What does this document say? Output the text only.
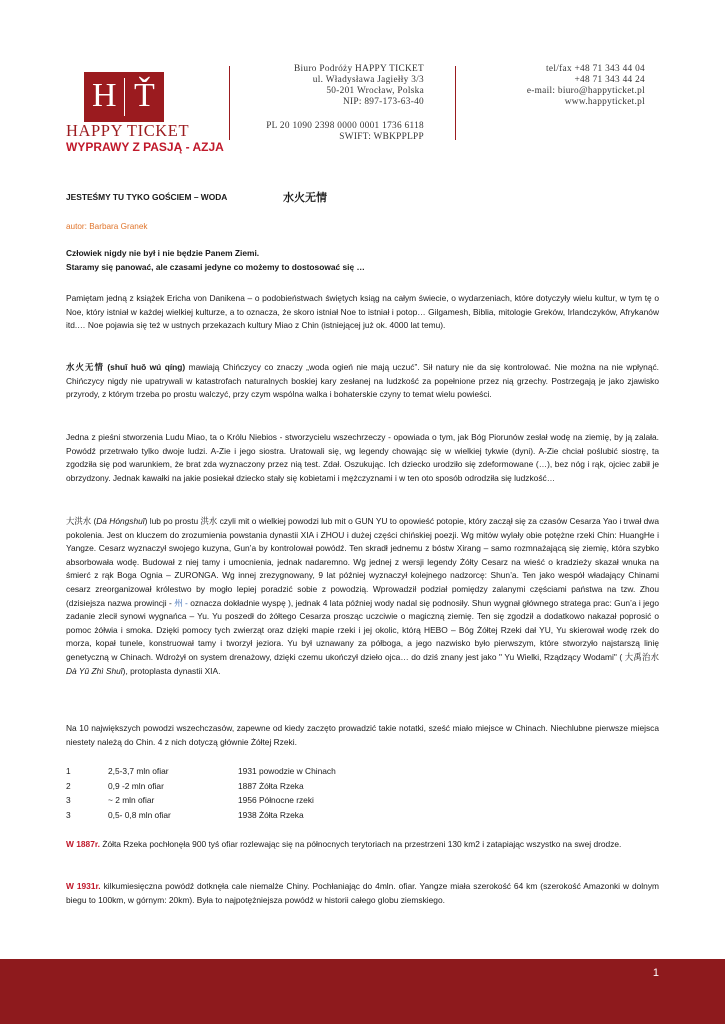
H Ť
HAPPY TICKET
WYPRAWY Z PASJĄ - AZJA
Biuro Podróży HAPPY TICKET
ul. Władysława Jagiełły 3/3
50-201 Wrocław, Polska
NIP: 897-173-63-40
PL 20 1090 2398 0000 0001 1736 6118
SWIFT: WBKPPLPP
tel/fax +48 71 343 44 04
+48 71 343 44 24
e-mail: biuro@happyticket.pl
www.happyticket.pl
JESTEŚMY TU TYKO GOŚCIEM – WODA	水火无情
autor: Barbara Granek
Człowiek nigdy nie był i nie będzie Panem Ziemi.
Staramy się panować, ale czasami jedyne co możemy to dostosować się …
Pamiętam jedną z książek Ericha von Danikena – o podobieństwach świętych ksiąg na całym świecie, o wydarzeniach, które dotyczyły wielu kultur, w tym tę o Noe, który istniał w każdej wielkiej kulturze, a to oznacza, że skoro istniał Noe to istniał i potop… Gilgamesh, Biblia, mitologie Greków, Irlandczyków, Afrykanów itd.… Noe pojawia się też w ustnych przekazach kultury Miao z Chin (istniejącej już ok. 4000 lat temu).
水火无情 (shuǐ huǒ wú qíng) mawiają Chińczycy co znaczy „woda ogień nie mają uczuć”. Sił natury nie da się kontrolować. Nie można na nie wpłynąć. Chińczycy nigdy nie upatrywali w katastrofach naturalnych boskiej kary zesłanej na ludzkość za popełnione przez nią grzechy. Postrzegają je jako zjawisko przyrody, z którym trzeba po prostu walczyć, przy czym wspólna walka i bohaterskie czyny to temat wielu powieści.
Jedna z pieśni stworzenia Ludu Miao, ta o Królu Niebios - stworzycielu wszechrzeczy - opowiada o tym, jak Bóg Piorunów zesłał wodę na ziemię, by ją zalała. Powódź przetrwało tylko dwoje ludzi. A-Zie i jego siostra. Uratowali się, wg legendy chowając się w wielkiej tykwie (dyni). A-Zie chciał poślubić siostrę, ta zgodziła się pod warunkiem, że brat zda wyznaczony przez nią test. Zdał. Oszukując. Ich dziecko urodziło się zdeformowane (…), bez nóg i rąk, ojciec zabił je obrzydzony. Jednak kawałki na jakie posiekał dziecko stały się kobietami i mężczyznami i w ten oto sposób odrodziła się ludzkość…
大洪水 (Dà Hóngshuǐ) lub po prostu 洪水 czyli mit o wielkiej powodzi lub mit o GUN YU to opowieść potopie, który zaczął się za czasów Cesarza Yao i trwał dwa pokolenia. Jest on kluczem do zrozumienia powstania dynastii XIA i ZHOU i dużej części chińskiej poezji. Wg mitów wylały obie potężne rzeki Chin: HuangHe i Yangze. Cesarz wyznaczył swojego kuzyna, Gun’a by kontrolował powódź. Ten skradł jednemu z bóstw Xirang – samo rozmnażającą się ziemię, która szybko absorbowała wodę. Budował z niej tamy i umocnienia, jednak nadaremno. Wg jednej z wersji legendy Żółty Cesarz na wieść o kradzieży skazał wnuka na śmierć z rąk Boga Ognia – ZURONGA. Wg innej zrezygnowany, 9 lat później wyznaczył kolejnego nadzorcę: Shun’a. Ten jako wespół władający Chinami cesarz zreorganizował królestwo by mogło lepiej poradzić sobie z powodzią. Wprowadził podział pomiędzy zalanymi częściami państwa na tzw. Zhou (dzisiejsza nazwa prowincji - 州 - oznacza dokładnie wyspę ), jednak 4 lata później wody nadal się podnosiły. Shun wygnał głównego stratega prac: Gun’a i jego zadanie zlecił synowi wygnańca – Yu. Yu poszedł do żółtego Cesarza prosząc uczciwie o magiczną ziemię. Ten się zgodził a dodatkowo nakazał poprosić o pomoc żółwia i smoka. Dzięki pomocy tych zwierząt oraz dzięki mapie rzeki i jej okolic, którą HEBO – Bóg Żółtej Rzeki dał YU, Yu skierował wodę rzek do morza, kopał tunele, konstruował tamy i tworzył jeziora. Yu był uznawany za półboga, a jego nazwisko było pierwszym, które stworzyło najstarszą linię genetyczną w Chinach. Wdrożył on system drenażowy, dzięki czemu ukończył dzieło ojca… do dziś znany jest jako " Yu Wielki, Rządzący Wodami" ( 大禹治水 Dà Yǔ Zhì Shuǐ), protoplasta dynastii XIA.
Na 10 największych powodzi wszechczasów, zapewne od kiedy zaczęto prowadzić takie notatki, sześć miało miejsce w Chinach. Niechlubne pierwsze miejsca niestety należą do Chin. 4 z nich dotyczą głównie Żółtej Rzeki.
1	2,5-3,7 mln ofiar	1931 powodzie w Chinach
2	0,9 -2 mln ofiar	1887 Żółta Rzeka
3	~ 2 mln ofiar	1956 Północne rzeki
3	0,5- 0,8 mln ofiar	1938 Żółta Rzeka
W 1887r. Żółta Rzeka pochłonęła 900 tyś ofiar rozlewając się na północnych terytoriach na przestrzeni 130 km2 i zatapiając wszystko na swej drodze.
W 1931r. kilkumiesięczna powódź dotknęła cale niemalże Chiny. Pochłaniając do 4mln. ofiar. Yangze miała szerokość 64 km (szerokość Amazonki w dolnym biegu to 100km, w górnym: 20km). Była to najpotężniejsza powódź w historii całego globu ziemskiego.
1
